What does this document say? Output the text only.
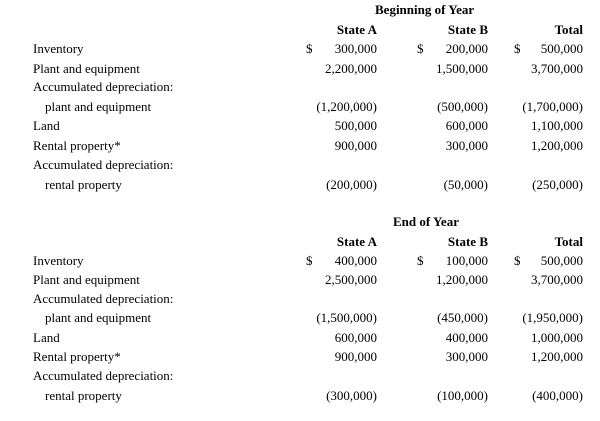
Beginning of Year
State A	State B	Total
Inventory	$	300,000	$	200,000 $	500,000
Plant and equipment	2,200,000	1,500,000	3,700,000
Accumulated depreciation:
plant and equipment	(1,200,000)	(500,000)	(1,700,000)
Land	500,000	600,000	1,100,000
Rental property*	900,000	300,000	1,200,000
Accumulated depreciation:
rental property	(200,000)	(50,000)	(250,000)
End of Year
State A	State B	Total
Inventory	$	400,000	$	100,000 $	500,000
Plant and equipment	2,500,000	1,200,000	3,700,000
Accumulated depreciation:
plant and equipment	(1,500,000)	(450,000)	(1,950,000)
Land	600,000	400,000	1,000,000
Rental property*	900,000	300,000	1,200,000
Accumulated depreciation:
rental property	(300,000)	(100,000)	(400,000)
